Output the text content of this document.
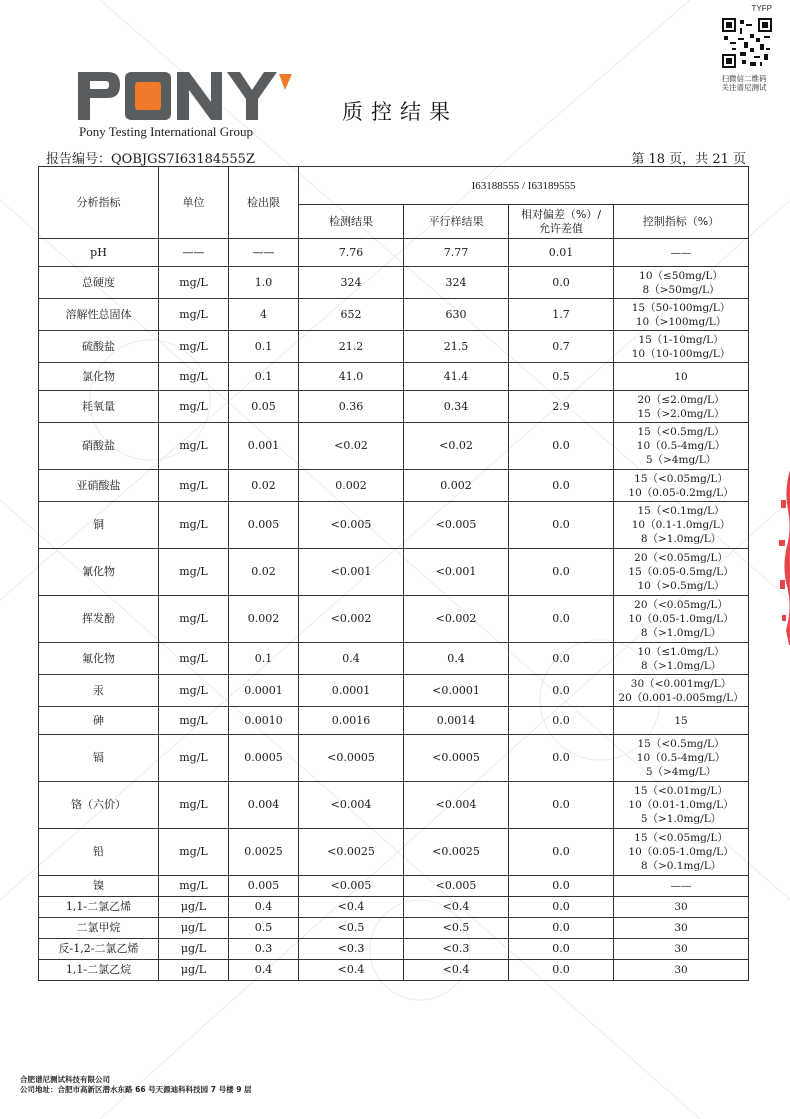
TYFP
扫微信二维码
关注谱尼测试
Pony Testing International Group
质控结果
报告编号：QOBJGS7I63184555Z	第 18 页，共 21 页
分析指标	单位	检出限	I63188555 / I63189555			
			检测结果	平行样结果	相对偏差（%）/ 允许差值	控制指标（%）
pH	——	——	7.76	7.77	0.01	——
总硬度	mg/L	1.0	324	324	0.0	10（≤50mg/L）
8（>50mg/L）
溶解性总固体	mg/L	4	652	630	1.7	15（50-100mg/L）
10（>100mg/L）
硫酸盐	mg/L	0.1	21.2	21.5	0.7	15（1-10mg/L）
10（10-100mg/L）
氯化物	mg/L	0.1	41.0	41.4	0.5	10
耗氧量	mg/L	0.05	0.36	0.34	2.9	20（≤2.0mg/L）
15（>2.0mg/L）
硝酸盐	mg/L	0.001	<0.02	<0.02	0.0	15（<0.5mg/L）
10（0.5-4mg/L）
5（>4mg/L）
亚硝酸盐	mg/L	0.02	0.002	0.002	0.0	15（<0.05mg/L）
10（0.05-0.2mg/L）
铜	mg/L	0.005	<0.005	<0.005	0.0	15（<0.1mg/L）
10（0.1-1.0mg/L）
8（>1.0mg/L）
氰化物	mg/L	0.02	<0.001	<0.001	0.0	20（<0.05mg/L）
15（0.05-0.5mg/L）
10（>0.5mg/L）
挥发酚	mg/L	0.002	<0.002	<0.002	0.0	20（<0.05mg/L）
10（0.05-1.0mg/L）
8（>1.0mg/L）
氟化物	mg/L	0.1	0.4	0.4	0.0	10（≤1.0mg/L）
8（>1.0mg/L）
汞	mg/L	0.0001	0.0001	<0.0001	0.0	30（<0.001mg/L）
20（0.001-0.005mg/L）
砷	mg/L	0.0010	0.0016	0.0014	0.0	15
镉	mg/L	0.0005	<0.0005	<0.0005	0.0	15（<0.5mg/L）
10（0.5-4mg/L）
5（>4mg/L）
铬（六价）	mg/L	0.004	<0.004	<0.004	0.0	15（<0.01mg/L）
10（0.01-1.0mg/L）
5（>1.0mg/L）
铅	mg/L	0.0025	<0.0025	<0.0025	0.0	15（<0.05mg/L）
10（0.05-1.0mg/L）
8（>0.1mg/L）
镍	mg/L	0.005	<0.005	<0.005	0.0	——
1,1-二氯乙烯	μg/L	0.4	<0.4	<0.4	0.0	30
二氯甲烷	μg/L	0.5	<0.5	<0.5	0.0	30
反-1,2-二氯乙烯	μg/L	0.3	<0.3	<0.3	0.0	30
1,1-二氯乙烷	μg/L	0.4	<0.4	<0.4	0.0	30
合肥谱尼测试科技有限公司
公司地址：合肥市高新区潜水东路 66 号天源迪科科技园 7 号楼 9 层
